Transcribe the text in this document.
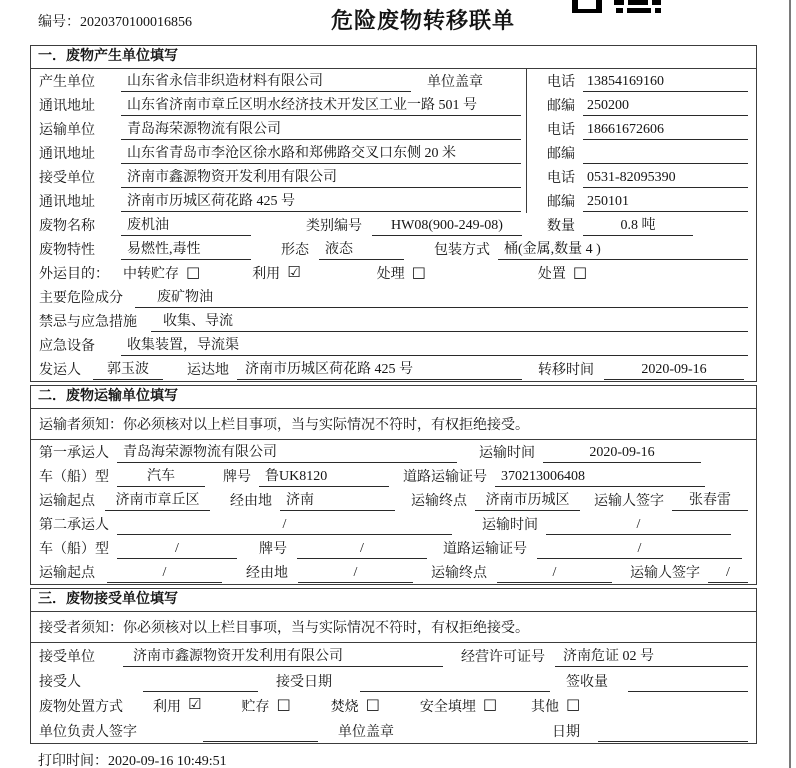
编号：2020370100016856	危险废物转移联单
一．废物产生单位填写
产生单位	山东省永信非织造材料有限公司	单位盖章	电话 13854169160
通讯地址	山东省济南市章丘区明水经济技术开发区工业一路 501 号	邮编 250200
运输单位	青岛海荣源物流有限公司	电话 18661672606
通讯地址	山东省青岛市李沧区徐水路和郑佛路交叉口东侧 20 米	邮编
接受单位	济南市鑫源物资开发利用有限公司	电话 0531-82095390
通讯地址	济南市历城区荷花路 425 号	邮编 250101
废物名称	废机油	类别编号	HW08(900-249-08)	数量	0.8 吨
废物特性	易燃性,毒性	形态	液态	包装方式	桶(金属,数量 4 )
外运目的： 中转贮存 □	利用 ☑	处理 □	处置 □
主要危险成分	废矿物油
禁忌与应急措施	收集、导流
应急设备	收集装置，导流渠
发运人	郭玉波	运达地	济南市历城区荷花路 425 号	转移时间	2020-09-16
二．废物运输单位填写
运输者须知：你必须核对以上栏目事项，当与实际情况不符时，有权拒绝接受。
第一承运人	青岛海荣源物流有限公司	运输时间	2020-09-16
车（船）型	汽车	牌号	鲁UK8120	道路运输证号	370213006408
运输起点	济南市章丘区	经由地	济南	运输终点	济南市历城区	运输人签字	张春雷
第二承运人	/	运输时间	/
车（船）型	/	牌号	/	道路运输证号	/
运输起点	/	经由地	/	运输终点	/	运输人签字	/
三．废物接受单位填写
接受者须知：你必须核对以上栏目事项，当与实际情况不符时，有权拒绝接受。
接受单位	济南市鑫源物资开发利用有限公司	经营许可证号	济南危证 02 号
接受人	接受日期	签收量
废物处置方式 利用 ☑	贮存 □	焚烧 □	安全填埋 □ 其他 □
单位负责人签字	单位盖章	日期
打印时间：2020-09-16 10:49:51
